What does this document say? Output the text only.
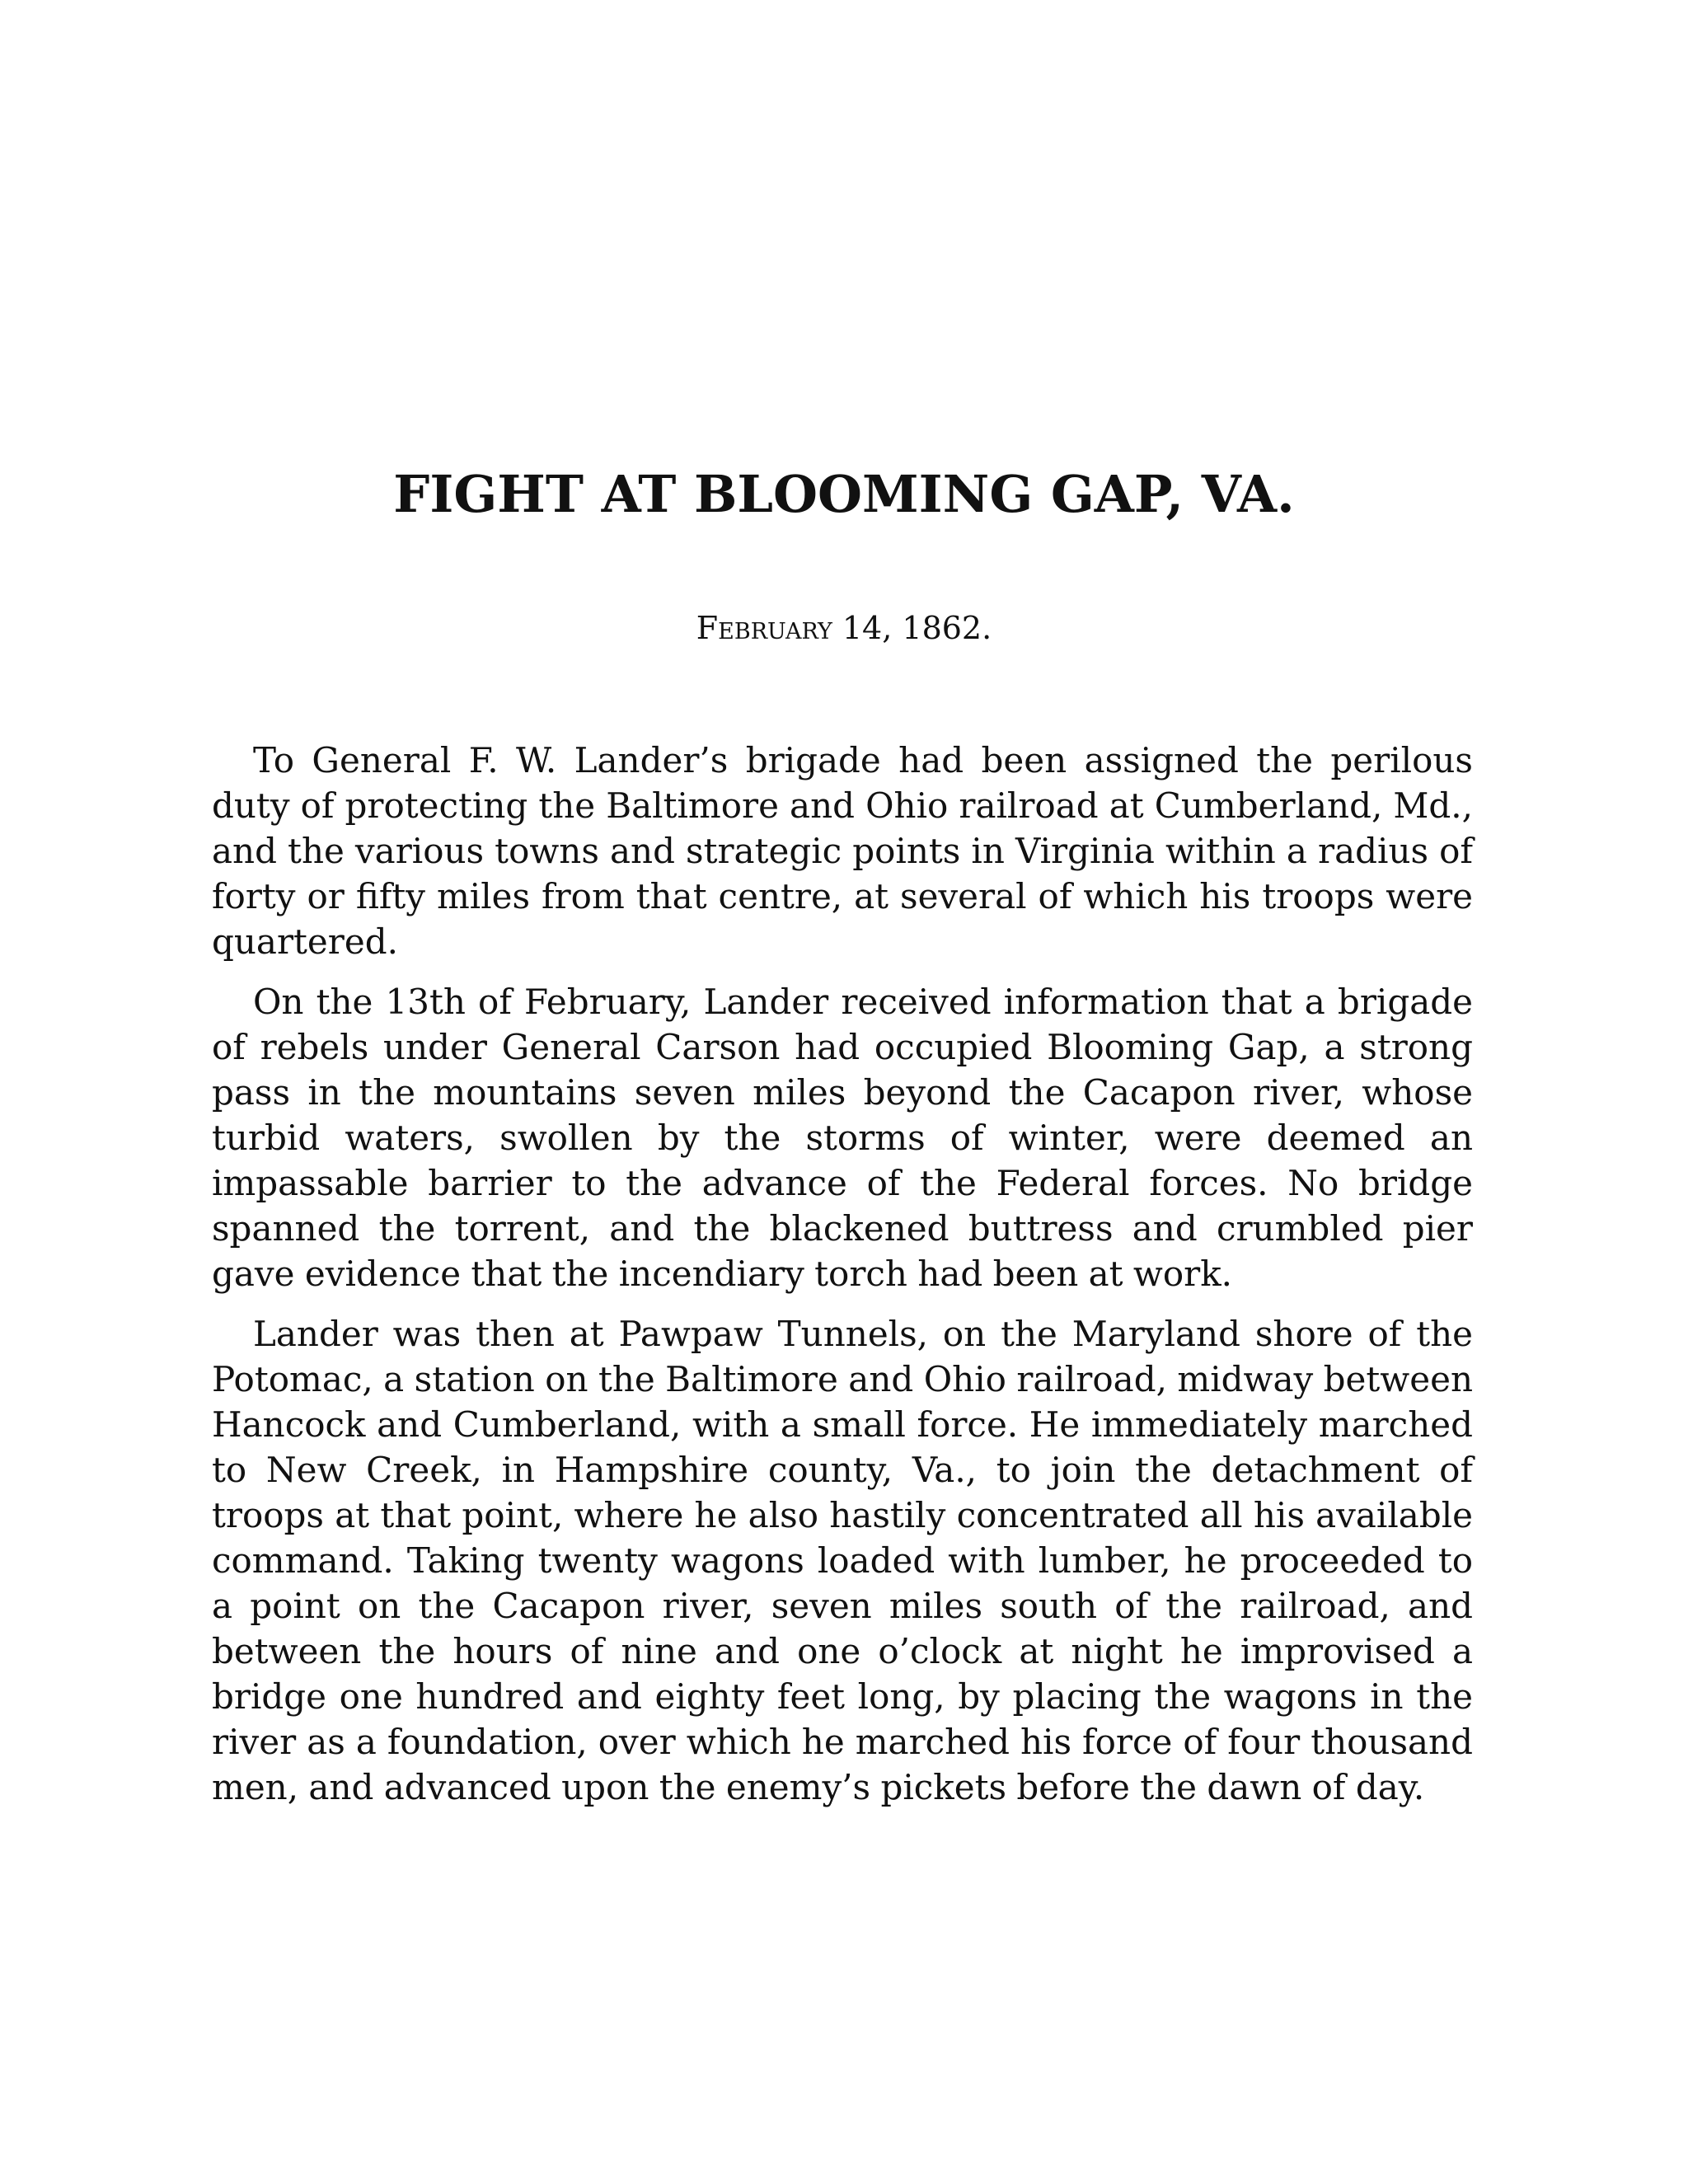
FIGHT AT BLOOMING GAP, VA.

February 14, 1862.

To General F. W. Lander’s brigade had been assigned the perilous duty of protecting the Baltimore and Ohio railroad at Cumberland, Md., and the various towns and strategic points in Virginia within a radius of forty or fifty miles from that centre, at several of which his troops were quartered.

On the 13th of February, Lander received information that a brigade of rebels under General Carson had occupied Blooming Gap, a strong pass in the mountains seven miles beyond the Cacapon river, whose turbid waters, swollen by the storms of winter, were deemed an impassable barrier to the advance of the Federal forces. No bridge spanned the torrent, and the blackened buttress and crumbled pier gave evidence that the incendiary torch had been at work.

Lander was then at Pawpaw Tunnels, on the Maryland shore of the Potomac, a station on the Baltimore and Ohio railroad, midway between Hancock and Cumberland, with a small force. He immediately marched to New Creek, in Hampshire county, Va., to join the detachment of troops at that point, where he also hastily concentrated all his available command. Taking twenty wagons loaded with lumber, he proceeded to a point on the Cacapon river, seven miles south of the railroad, and between the hours of nine and one o’clock at night he improvised a bridge one hundred and eighty feet long, by placing the wagons in the river as a foundation, over which he marched his force of four thousand men, and advanced upon the enemy’s pickets before the dawn of day.
